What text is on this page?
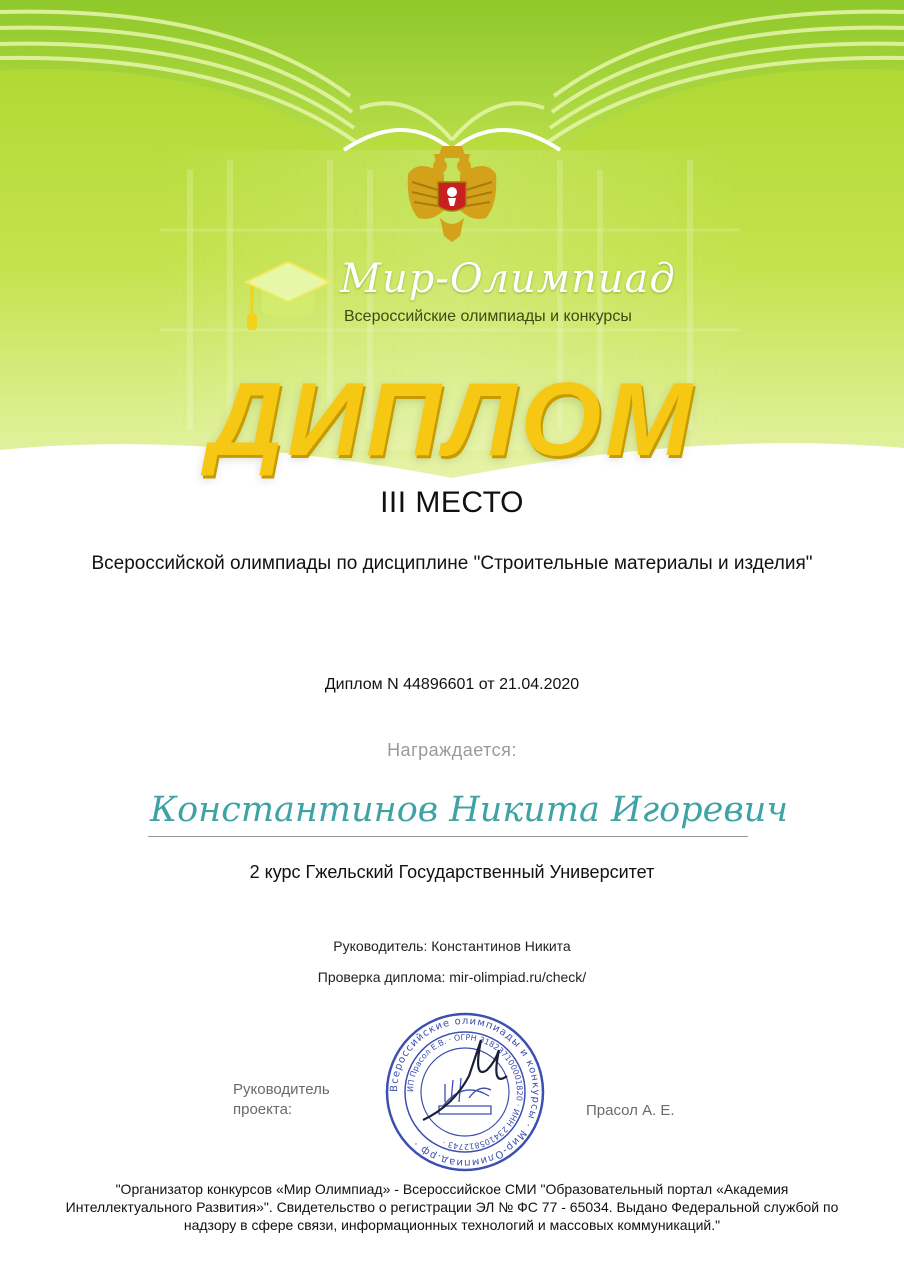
Мир-Олимпиад
Всероссийские олимпиады и конкурсы
ДИПЛОМ
III МЕСТО
Всероссийской олимпиады по дисциплине "Строительные материалы и изделия"
Диплом N 44896601 от 21.04.2020
Награждается:
Константинов Никита Игоревич
2 курс Гжельский Государственный Университет
Руководитель: Константинов Никита
Проверка диплома: mir-olimpiad.ru/check/
Руководитель проекта:
Всероссийские олимпиады и конкурсы · Мир-Олимпиад.рф ·
ИП Прасол Е.В. · ОГРН 318237100001820 · ИНН 234105812743 ·
Прасол А. Е.
"Организатор конкурсов «Мир Олимпиад» - Всероссийское СМИ "Образовательный портал «Академия Интеллектуального Развития»". Свидетельство о регистрации ЭЛ № ФС 77 - 65034. Выдано Федеральной службой по надзору в сфере связи, информационных технологий и массовых коммуникаций."
